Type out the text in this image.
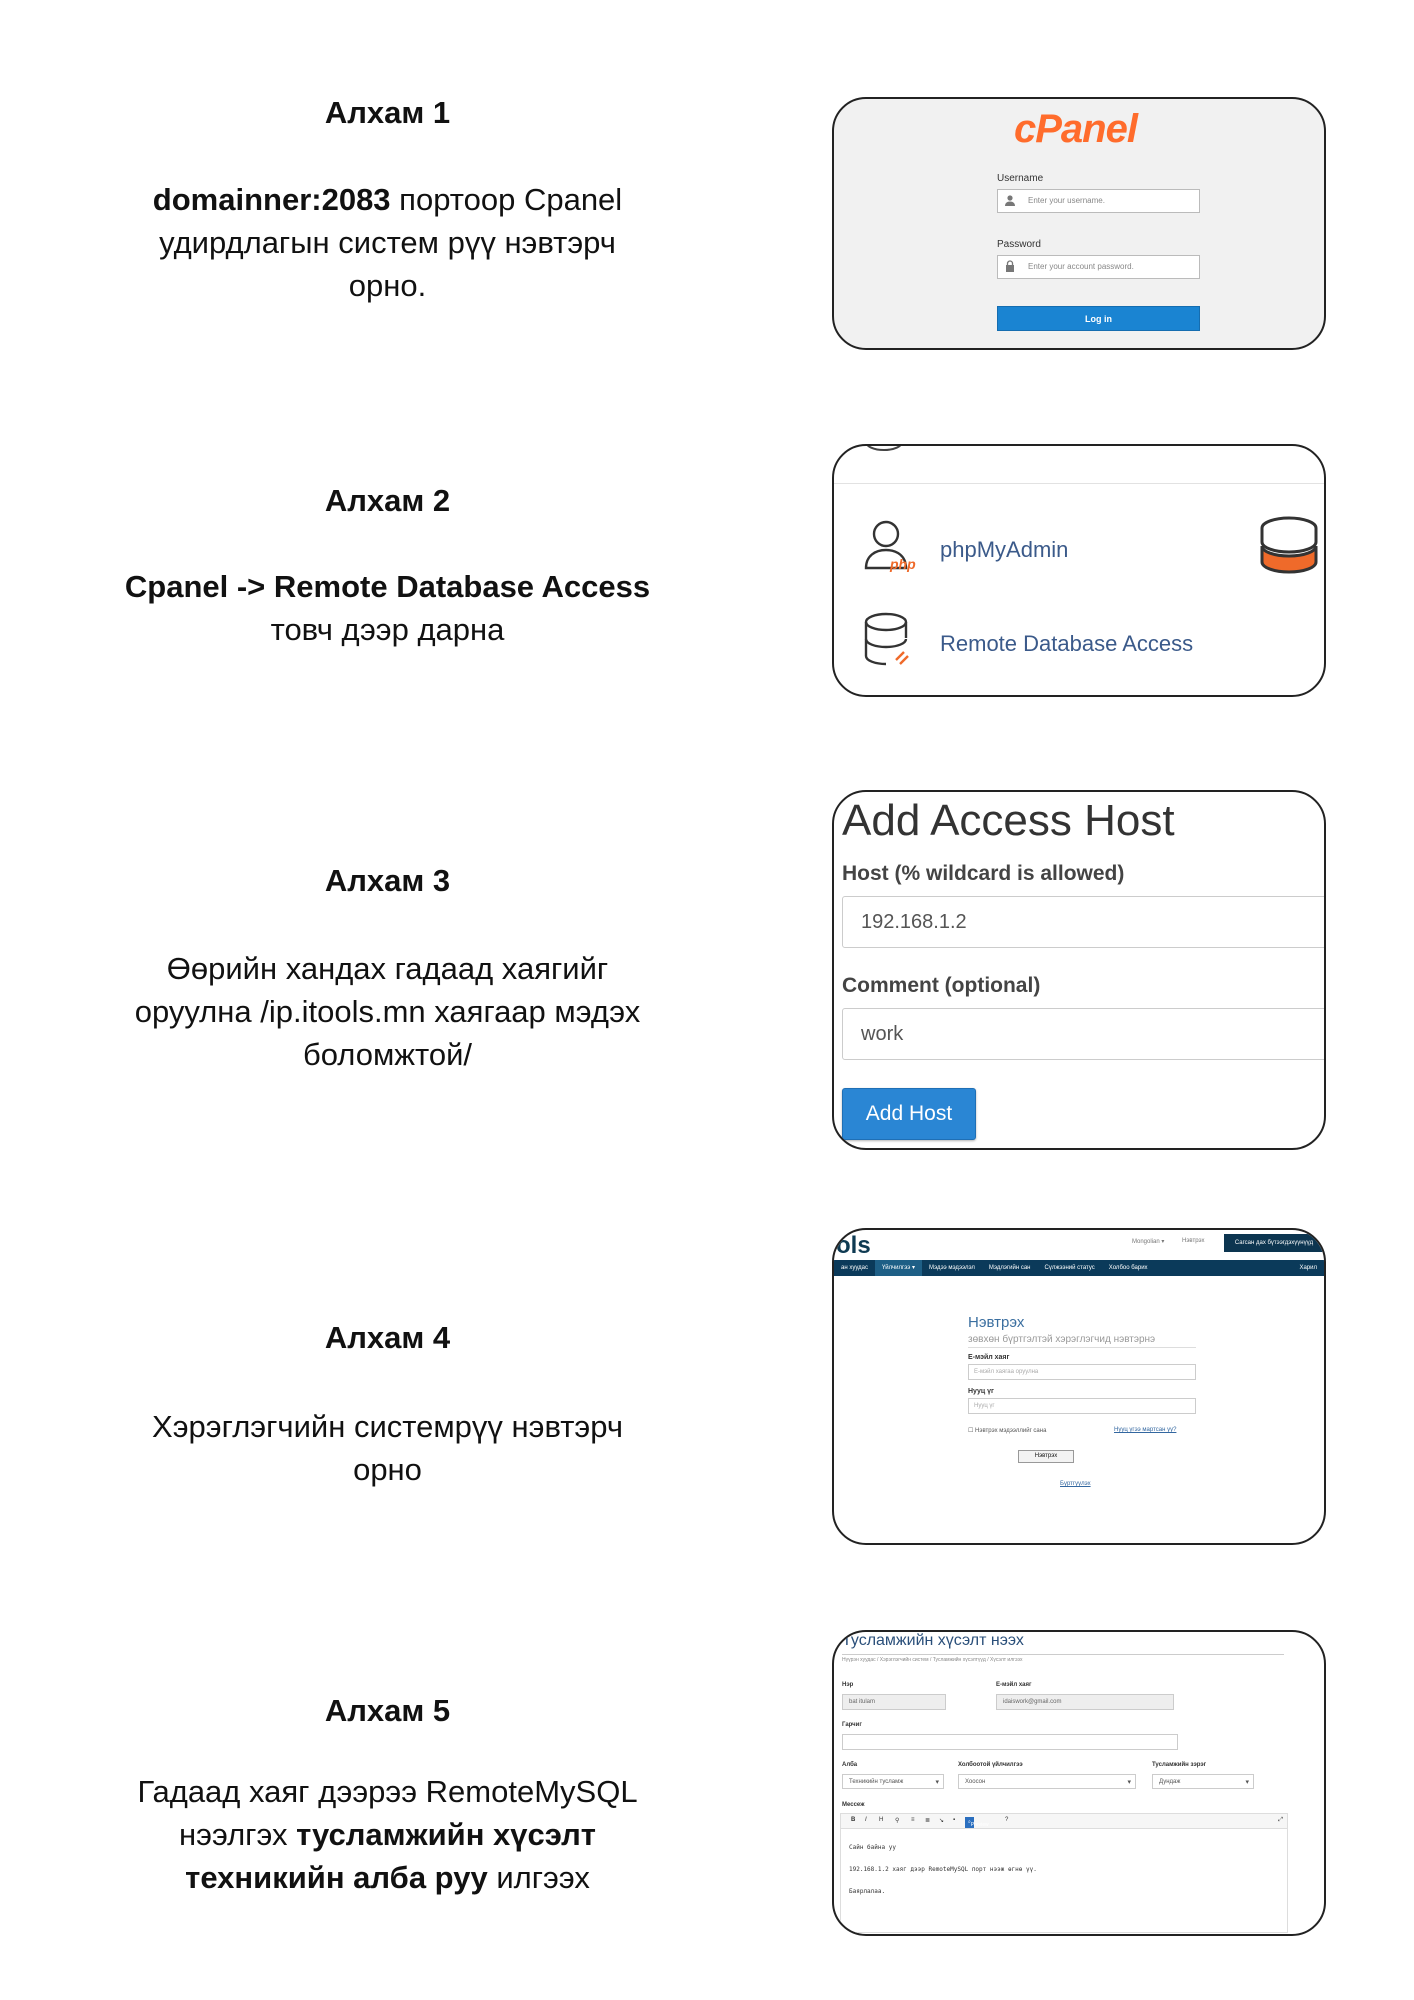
Алхам 1
domainner:2083 портоор Cpanel
удирдлагын систем рүү нэвтэрч
орно.
cPanel
Username
Enter your username.
Password
Enter your account password.
Log in
Алхам 2
Cpanel -> Remote Database Access
товч дээр дарна
php
phpMyAdmin
Remote Database Access
Алхам 3
Өөрийн хандах гадаад хаягийг
оруулна /ip.itools.mn хаягаар мэдэх
боломжтой/
Add Access Host
Host (% wildcard is allowed)
192.168.1.2
Comment (optional)
work
Add Host
Алхам 4
Хэрэглэгчийн системрүү нэвтэрч
орно
ols	Mongolian ▾	Нэвтрэх	Сагсан дах бүтээгдэхүүнүүд
ан хуудас	Үйлчилгээ ▾	Мэдээ мэдээлэл	Мэдлэгийн сан	Сүлжээний статус	Холбоо барих	Харил
Нэвтрэх
зөвхөн бүртгэлтэй хэрэглэгчид нэвтэрнэ
E-мэйл хаяг
E-мэйл хаягаа оруулна
Нууц үг
Нууц үг
☐ Нэвтрэх мэдээллийг сана	Нууц үгээ мартсан уу?
Нэвтрэх
Бүртгүүлэх
Алхам 5
Гадаад хаяг дээрээ RemoteMySQL
нээлгэх тусламжийн хүсэлт
техникийн алба руу илгээх
Тусламжийн хүсэлт нээх
Нүүрэн хуудас / Хэрэглэгчийн систем / Тусламжийн хүсэлтүүд / Хүсэлт илгээх
Нэр
bat itulam
E-мэйл хаяг
idaiswork@gmail.com
Гарчиг
Алба
Техникийн тусламж ▾
Холбоотой үйлчилгээ
Хоосон ▾
Тусламжийн зэрэг
Дундаж ▾
Мессеж
B I H ⚲ ≡ ≣ ↘ ▪	⌕ Preview
?	⤢
Сайн байна уу
192.168.1.2 хаяг дээр RemoteMySQL порт нээж өгнө үү.
Баярлалаа.
